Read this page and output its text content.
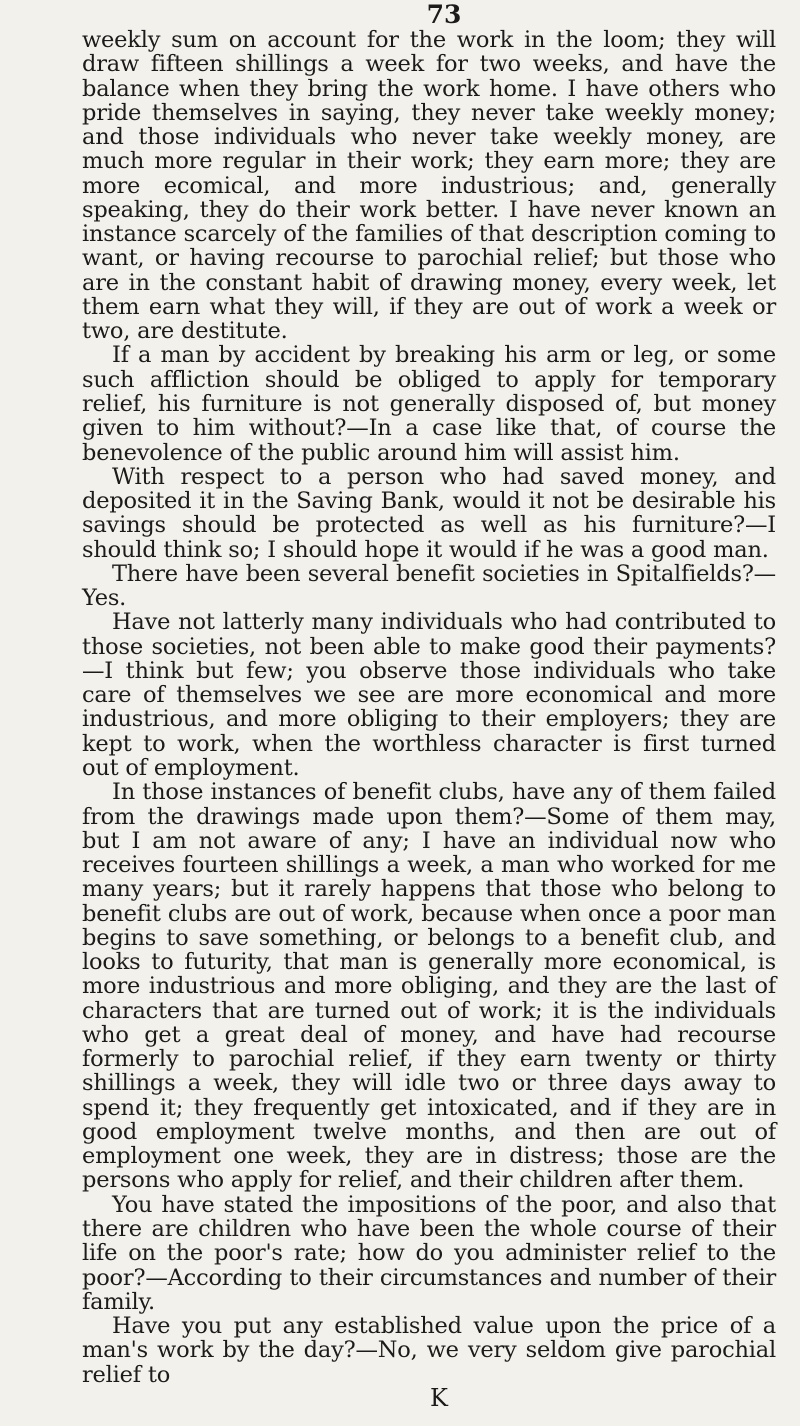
73

weekly sum on account for the work in the loom; they will draw fifteen shillings a week for two weeks, and have the balance when they bring the work home. I have others who pride themselves in saying, they never take weekly money; and those individuals who never take weekly money, are much more regular in their work; they earn more; they are more ecomical, and more industrious; and, generally speaking, they do their work better. I have never known an instance scarcely of the families of that description coming to want, or having recourse to parochial relief; but those who are in the constant habit of drawing money, every week, let them earn what they will, if they are out of work a week or two, are destitute.

If a man by accident by breaking his arm or leg, or some such affliction should be obliged to apply for temporary relief, his furniture is not generally disposed of, but money given to him without?—In a case like that, of course the benevolence of the public around him will assist him.

With respect to a person who had saved money, and deposited it in the Saving Bank, would it not be desirable his savings should be protected as well as his furniture?—I should think so; I should hope it would if he was a good man.

There have been several benefit societies in Spitalfields?—Yes.

Have not latterly many individuals who had contributed to those societies, not been able to make good their payments?—I think but few; you observe those individuals who take care of themselves we see are more economical and more industrious, and more obliging to their employers; they are kept to work, when the worthless character is first turned out of employment.

In those instances of benefit clubs, have any of them failed from the drawings made upon them?—Some of them may, but I am not aware of any; I have an individual now who receives fourteen shillings a week, a man who worked for me many years; but it rarely happens that those who belong to benefit clubs are out of work, because when once a poor man begins to save something, or belongs to a benefit club, and looks to futurity, that man is generally more economical, is more industrious and more obliging, and they are the last of characters that are turned out of work; it is the individuals who get a great deal of money, and have had recourse formerly to parochial relief, if they earn twenty or thirty shillings a week, they will idle two or three days away to spend it; they frequently get intoxicated, and if they are in good employment twelve months, and then are out of employment one week, they are in distress; those are the persons who apply for relief, and their children after them.

You have stated the impositions of the poor, and also that there are children who have been the whole course of their life on the poor's rate; how do you administer relief to the poor?—According to their circumstances and number of their family.

Have you put any established value upon the price of a man's work by the day?—No, we very seldom give parochial relief to

K
